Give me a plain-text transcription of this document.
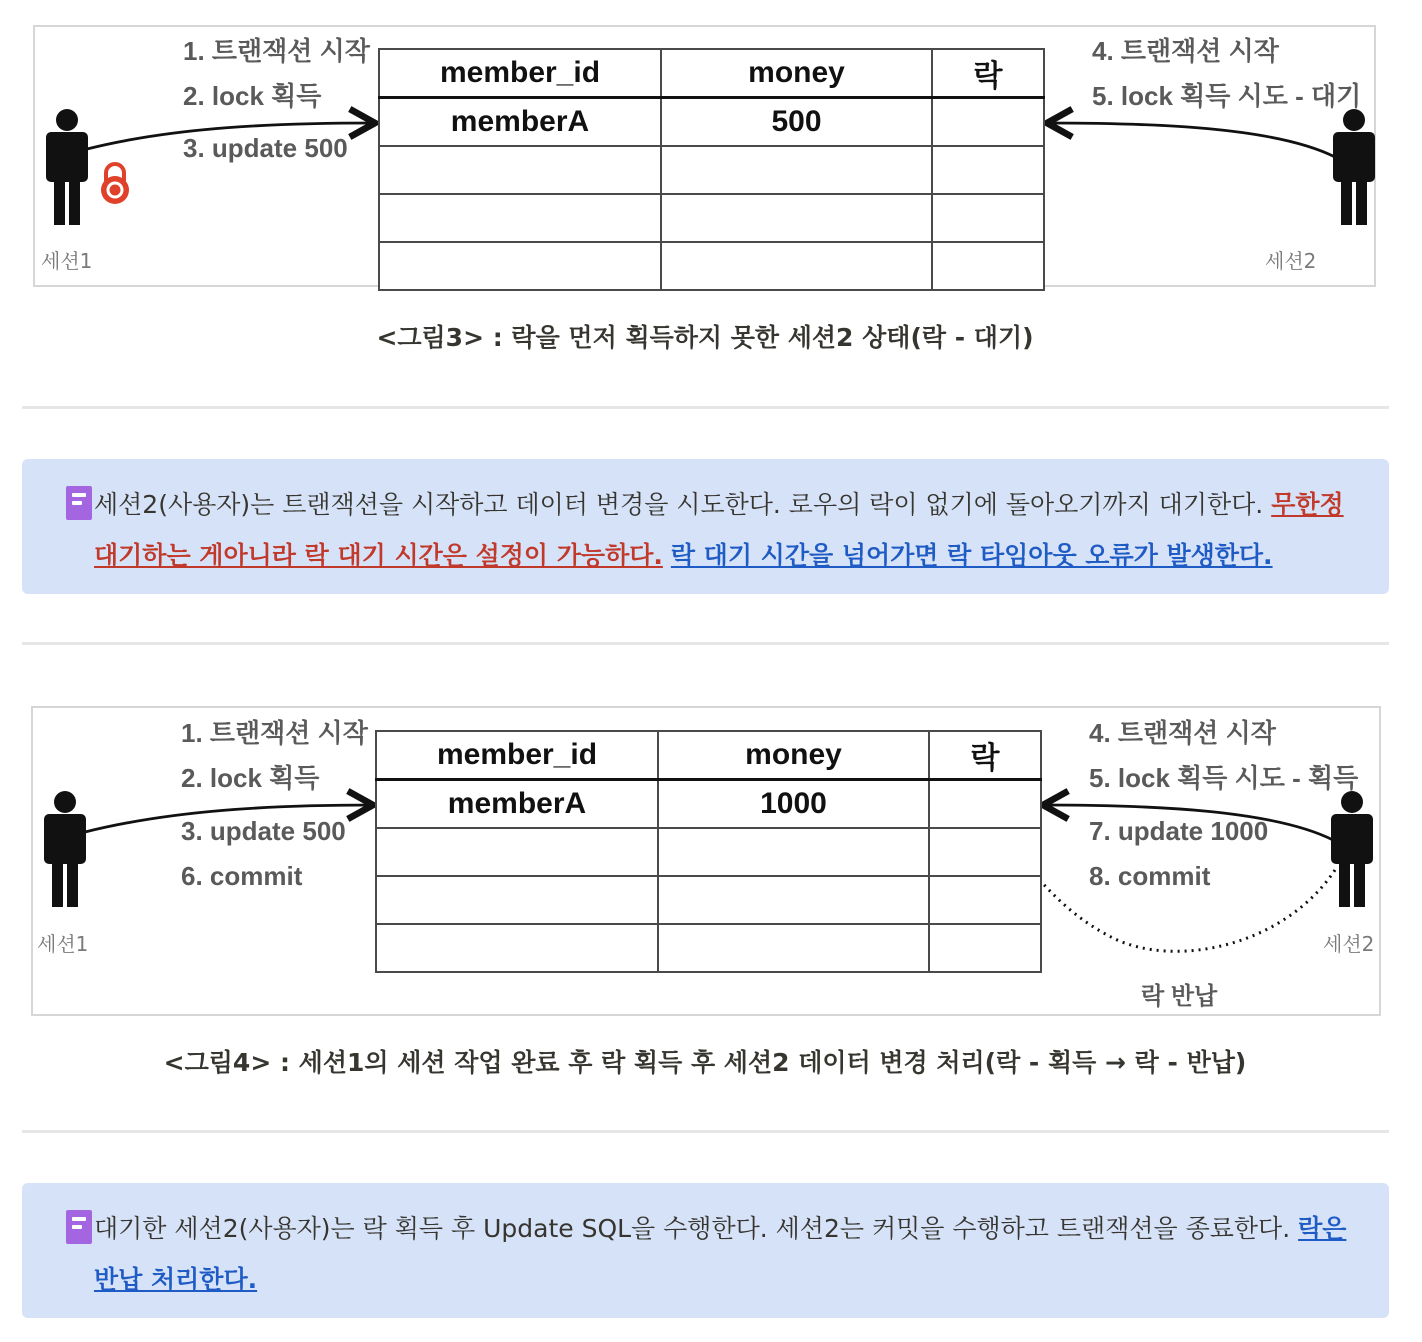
1. 트랜잭션 시작
2. lock 획득
3. update 500
4. 트랜잭션 시작
5. lock 획득 시도 - 대기
세션1	세션2
member_id	money	락
memberA	500	

<그림3> : 락을 먼저 획득하지 못한 세션2 상태(락 - 대기)
세션2(사용자)는 트랜잭션을 시작하고 데이터 변경을 시도한다. 로우의 락이 없기에 돌아오기까지 대기한다. 무한정 대기하는 게아니라 락 대기 시간은 설정이 가능하다. 락 대기 시간을 넘어가면 락 타임아웃 오류가 발생한다.
1. 트랜잭션 시작
2. lock 획득
3. update 500
6. commit
4. 트랜잭션 시작
5. lock 획득 시도 - 획득
7. update 1000
8. commit
세션1	세션2
락 반납
member_id	money	락
memberA	1000	

<그림4> : 세션1의 세션 작업 완료 후 락 획득 후 세션2 데이터 변경 처리(락 - 획득 → 락 - 반납)
대기한 세션2(사용자)는 락 획득 후 Update SQL을 수행한다. 세션2는 커밋을 수행하고 트랜잭션을 종료한다. 락은 반납 처리한다.
